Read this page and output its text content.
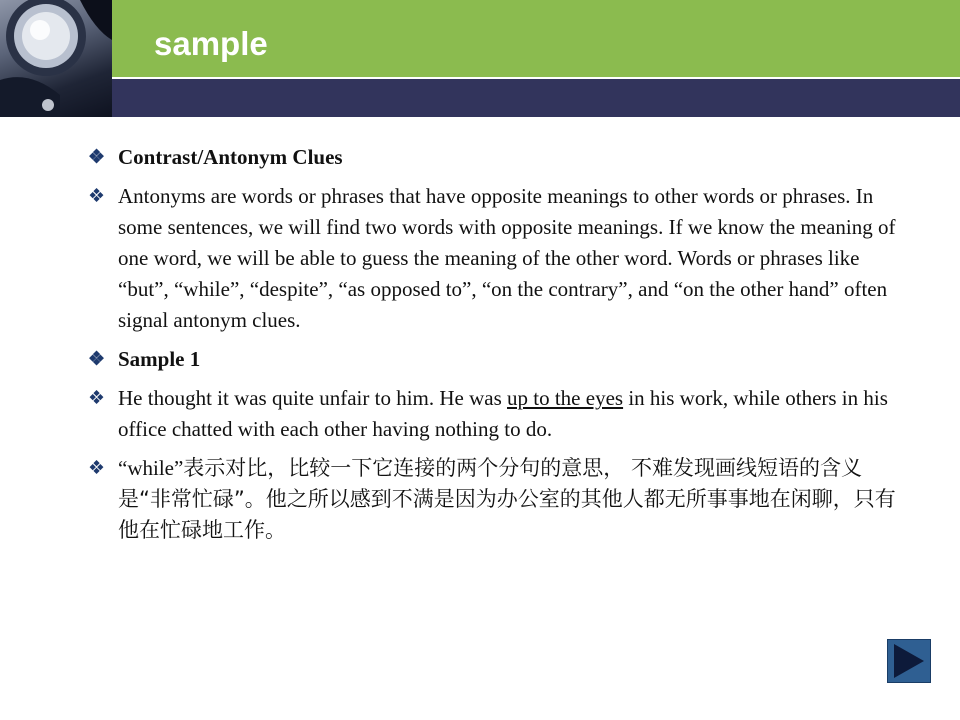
sample
❖ Contrast/Antonym Clues
❖ Antonyms are words or phrases that have opposite meanings to other words or phrases. In some sentences, we will find two words with opposite meanings. If we know the meaning of one word, we will be able to guess the meaning of the other word. Words or phrases like “but”, “while”, “despite”, “as opposed to”, “on the contrary”, and “on the other hand” often signal antonym clues.
❖ Sample 1
❖ He thought it was quite unfair to him. He was up to the eyes in his work, while others in his office chatted with each other having nothing to do.
❖ “while”表示对比，比较一下它连接的两个分句的意思， 不难发现画线短语的含义是“非常忙碌”。他之所以感到不满是因为办公室的其他人都无所事事地在闲聊，只有他在忙碌地工作。
